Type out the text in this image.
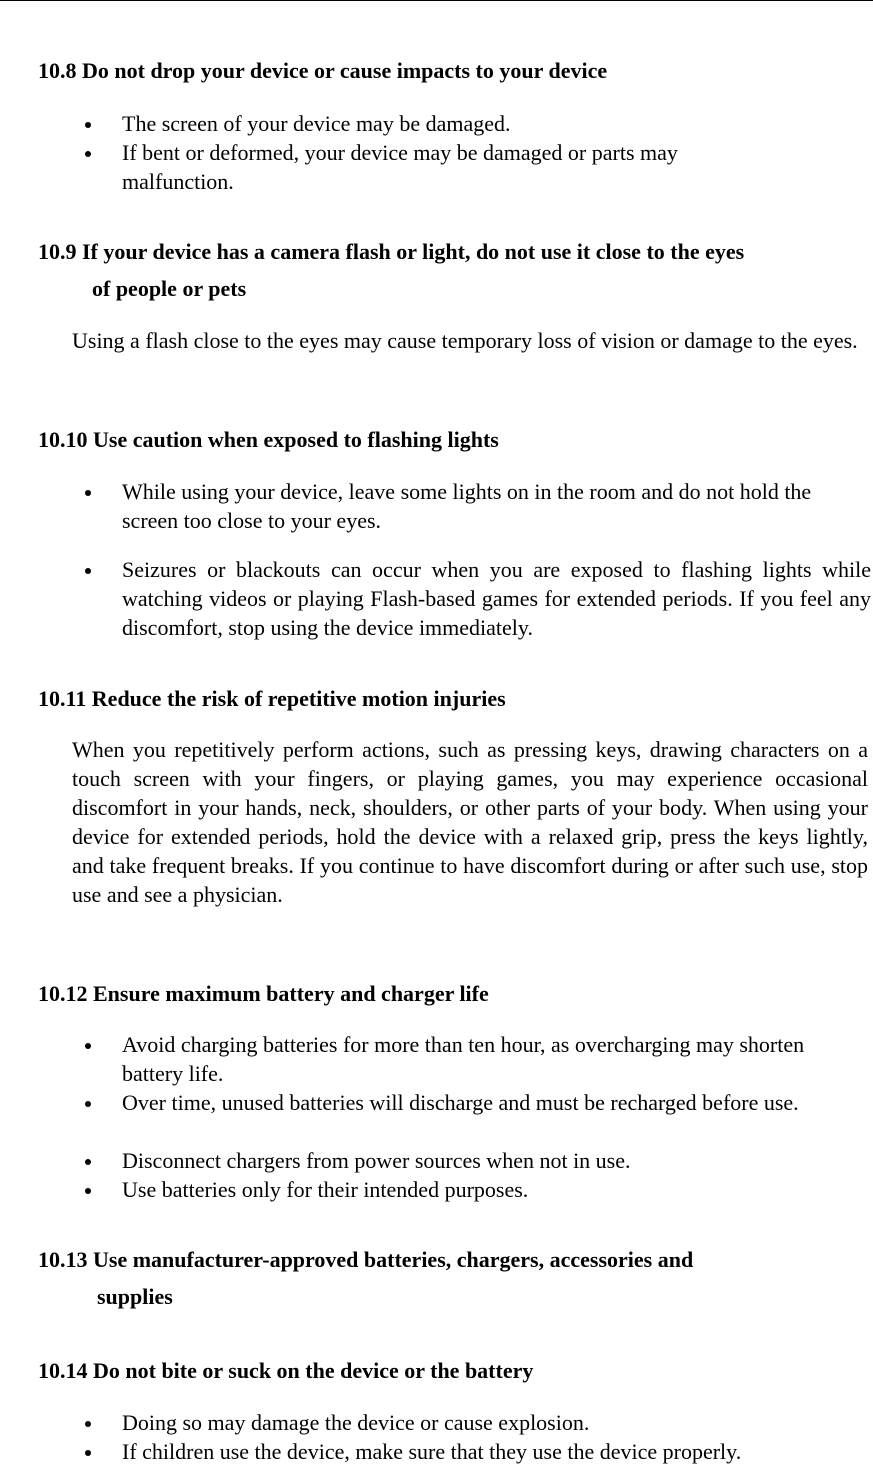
10.8 Do not drop your device or cause impacts to your device

The screen of your device may be damaged.

If bent or deformed, your device may be damaged or parts may malfunction.

10.9 If your device has a camera flash or light, do not use it close to the eyes
of people or pets

Using a flash close to the eyes may cause temporary loss of vision or damage to the eyes.

10.10 Use caution when exposed to flashing lights

While using your device, leave some lights on in the room and do not hold the screen too close to your eyes.

Seizures or blackouts can occur when you are exposed to flashing lights while watching videos or playing Flash-based games for extended periods. If you feel any discomfort, stop using the device immediately.

10.11 Reduce the risk of repetitive motion injuries

When you repetitively perform actions, such as pressing keys, drawing characters on a touch screen with your fingers, or playing games, you may experience occasional discomfort in your hands, neck, shoulders, or other parts of your body. When using your device for extended periods, hold the device with a relaxed grip, press the keys lightly, and take frequent breaks. If you continue to have discomfort during or after such use, stop use and see a physician.

10.12 Ensure maximum battery and charger life

Avoid charging batteries for more than ten hour, as overcharging may shorten battery life.

Over time, unused batteries will discharge and must be recharged before use.

Disconnect chargers from power sources when not in use.

Use batteries only for their intended purposes.

10.13 Use manufacturer-approved batteries, chargers, accessories and
supplies
10.14 Do not bite or suck on the device or the battery

Doing so may damage the device or cause explosion.

If children use the device, make sure that they use the device properly.
